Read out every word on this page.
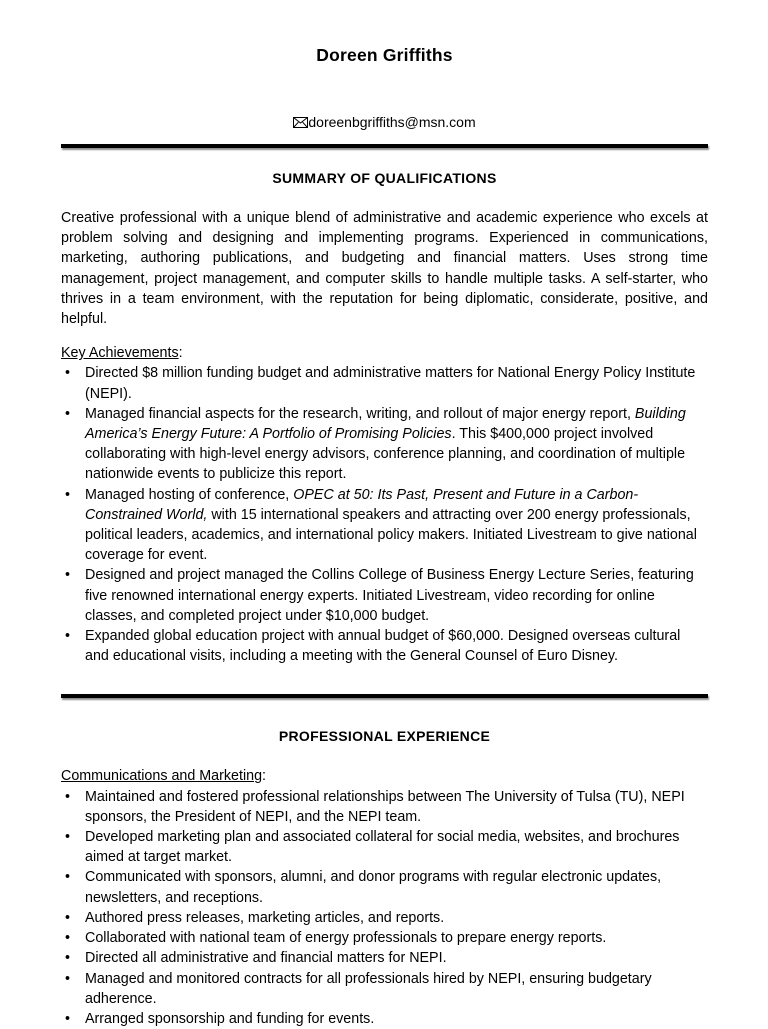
Doreen Griffiths
doreenbgriffiths@msn.com
SUMMARY OF QUALIFICATIONS

Creative professional with a unique blend of administrative and academic experience who excels at problem solving and designing and implementing programs. Experienced in communications, marketing, authoring publications, and budgeting and financial matters. Uses strong time management, project management, and computer skills to handle multiple tasks. A self-starter, who thrives in a team environment, with the reputation for being diplomatic, considerate, positive, and helpful.

Key Achievements:
•	Directed $8 million funding budget and administrative matters for National Energy Policy Institute (NEPI).
•	Managed financial aspects for the research, writing, and rollout of major energy report, Building America’s Energy Future: A Portfolio of Promising Policies. This $400,000 project involved collaborating with high-level energy advisors, conference planning, and coordination of multiple nationwide events to publicize this report.
•	Managed hosting of conference, OPEC at 50: Its Past, Present and Future in a Carbon-Constrained World, with 15 international speakers and attracting over 200 energy professionals, political leaders, academics, and international policy makers. Initiated Livestream to give national coverage for event.
•	Designed and project managed the Collins College of Business Energy Lecture Series, featuring five renowned international energy experts. Initiated Livestream, video recording for online classes, and completed project under $10,000 budget.
•	Expanded global education project with annual budget of $60,000. Designed overseas cultural and educational visits, including a meeting with the General Counsel of Euro Disney.
PROFESSIONAL EXPERIENCE
Communications and Marketing:
•	Maintained and fostered professional relationships between The University of Tulsa (TU), NEPI sponsors, the President of NEPI, and the NEPI team.
•	Developed marketing plan and associated collateral for social media, websites, and brochures aimed at target market.
•	Communicated with sponsors, alumni, and donor programs with regular electronic updates, newsletters, and receptions.
•	Authored press releases, marketing articles, and reports.
•	Collaborated with national team of energy professionals to prepare energy reports.
•	Directed all administrative and financial matters for NEPI.
•	Managed and monitored contracts for all professionals hired by NEPI, ensuring budgetary adherence.
•	Arranged sponsorship and funding for events.
